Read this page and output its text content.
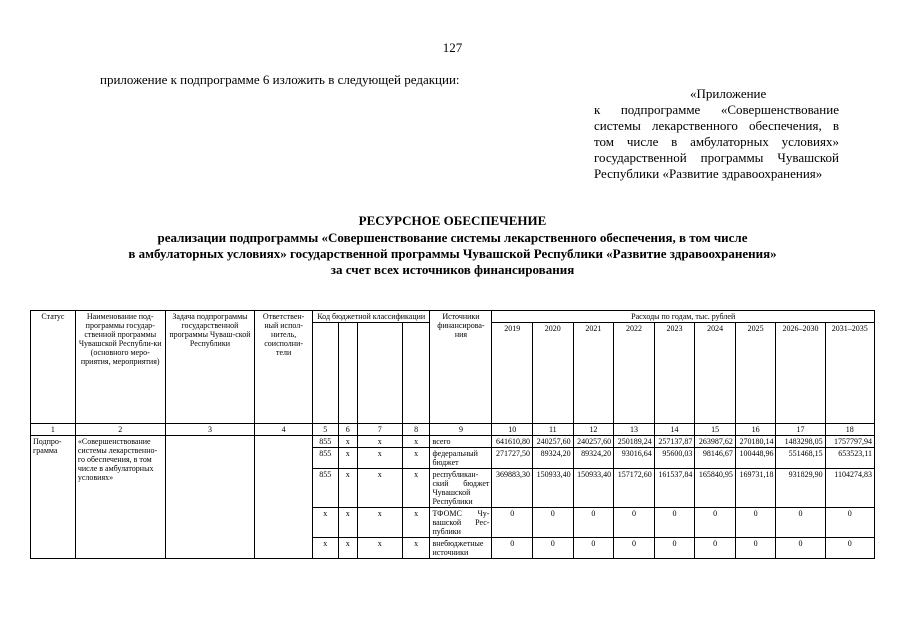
127
приложение к подпрограмме 6 изложить в следующей редакции:
«Приложение
к подпрограмме «Совершенствование
системы лекарственного обеспечения, в
том числе в амбулаторных условиях»
государственной программы Чувашской
Республики «Развитие здравоохранения»
РЕСУРСНОЕ ОБЕСПЕЧЕНИЕ
реализации подпрограммы «Совершенствование системы лекарственного обеспечения, в том числе
в амбулаторных условиях» государственной программы Чувашской Республики «Развитие здравоохранения»
за счет всех источников финансирования
Статус	Наименование под-программы государ-ственной программы Чувашской Республи-ки (основного меро-приятия, мероприятия)	Задача подпрограммы государственной программы Чуваш-ской Республики	Ответствен-ный испол-нитель, соисполни-тели	Код бюджетной классификации				Источники финансирова-ния	Расходы по годам, тыс. рублей								

	2019	2020	2021	2022	2023	2024	2025	2026–2030	2031–2035
1	2	3	4	5	6	7	8	9	10	11	12	13	14	15	16	17	18
Подпро-грамма	«Совершенствование системы лекарственно-го обеспечения, в том числе в амбулаторных условиях»			855	x	x	x	всего	641610,80	240257,60	240257,60	250189,24	257137,87	263987,62	270180,14	1483298,05	1757797,94
				855	x	x	x	федеральный бюджет	271727,50	89324,20	89324,20	93016,64	95600,03	98146,67	100448,96	551468,15	653523,11
				855	x	x	x	республикан-ский бюджет Чувашской Республики	369883,30	150933,40	150933,40	157172,60	161537,84	165840,95	169731,18	931829,90	1104274,83
				x	x	x	x	ТФОМС Чу-вашской Рес-публики	0	0	0	0	0	0	0	0	0
				x	x	x	x	внебюджетные источники	0	0	0	0	0	0	0	0	0
